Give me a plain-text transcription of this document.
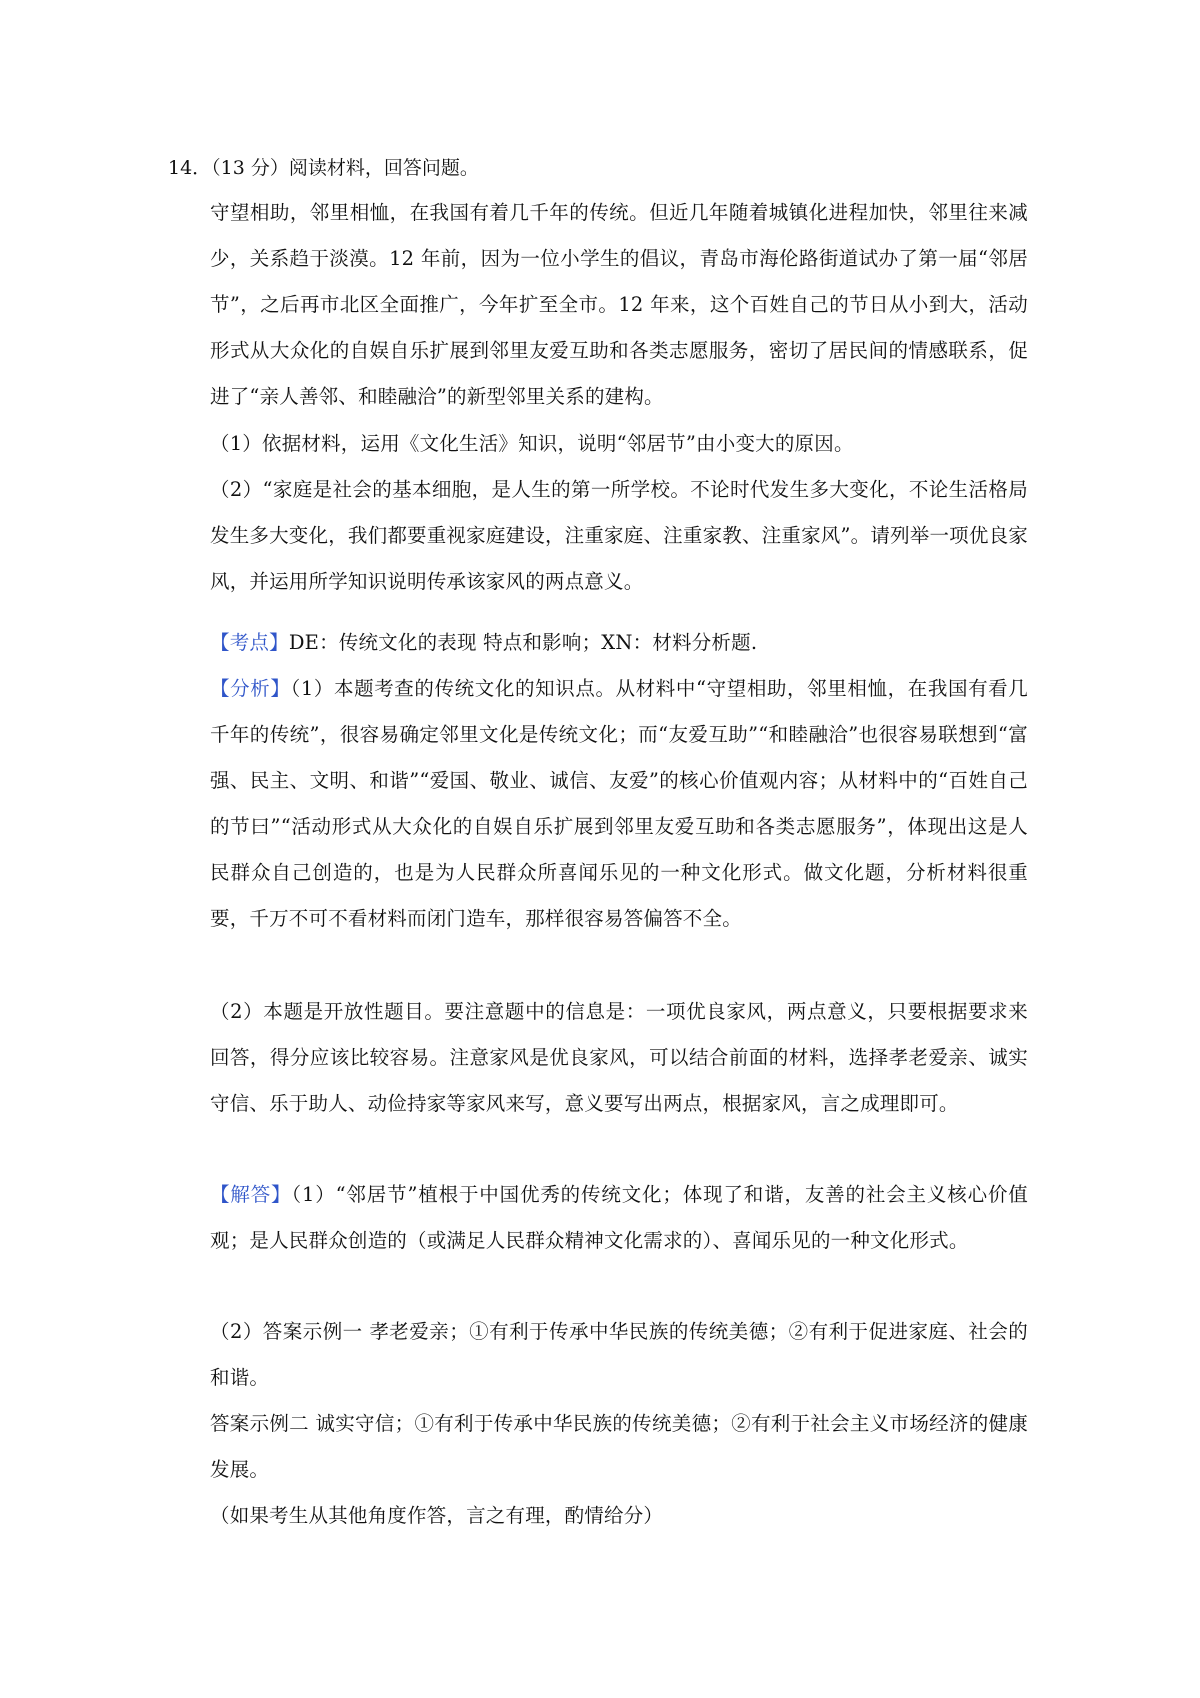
14．（13 分）阅读材料，回答问题。
守望相助，邻里相恤，在我国有着几千年的传统。但近几年随着城镇化进程加快，邻里往来减少，关系趋于淡漠。12 年前，因为一位小学生的倡议，青岛市海伦路街道试办了第一届“邻居节”，之后再市北区全面推广，今年扩至全市。12 年来，这个百姓自己的节日从小到大，活动形式从大众化的自娱自乐扩展到邻里友爱互助和各类志愿服务，密切了居民间的情感联系，促进了“亲人善邻、和睦融洽”的新型邻里关系的建构。
（1）依据材料，运用《文化生活》知识，说明“邻居节”由小变大的原因。
（2）“家庭是社会的基本细胞，是人生的第一所学校。不论时代发生多大变化，不论生活格局发生多大变化，我们都要重视家庭建设，注重家庭、注重家教、注重家风”。请列举一项优良家风，并运用所学知识说明传承该家风的两点意义。
【考点】DE：传统文化的表现 特点和影响；XN：材料分析题.
【分析】（1）本题考查的传统文化的知识点。从材料中“守望相助，邻里相恤，在我国有看几千年的传统”，很容易确定邻里文化是传统文化；而“友爱互助”“和睦融洽”也很容易联想到“富强、民主、文明、和谐”“爱国、敬业、诚信、友爱”的核心价值观内容；从材料中的“百姓自己的节曰”“活动形式从大众化的自娱自乐扩展到邻里友爱互助和各类志愿服务”，体现出这是人民群众自己创造的，也是为人民群众所喜闻乐见的一种文化形式。做文化题，分析材料很重要，千万不可不看材料而闭门造车，那样很容易答偏答不全。
（2）本题是开放性题目。要注意题中的信息是：一项优良家风，两点意义，只要根据要求来回答，得分应该比较容易。注意家风是优良家风，可以结合前面的材料，选择孝老爱亲、诚实守信、乐于助人、动俭持家等家风来写，意义要写出两点，根据家风，言之成理即可。
【解答】（1）“邻居节”植根于中国优秀的传统文化；体现了和谐，友善的社会主义核心价值观；是人民群众创造的（或满足人民群众精神文化需求的）、喜闻乐见的一种文化形式。
（2）答案示例一 孝老爱亲；①有利于传承中华民族的传统美德；②有利于促进家庭、社会的和谐。
答案示例二 诚实守信；①有利于传承中华民族的传统美德；②有利于社会主义市场经济的健康发展。
（如果考生从其他角度作答，言之有理，酌情给分）
